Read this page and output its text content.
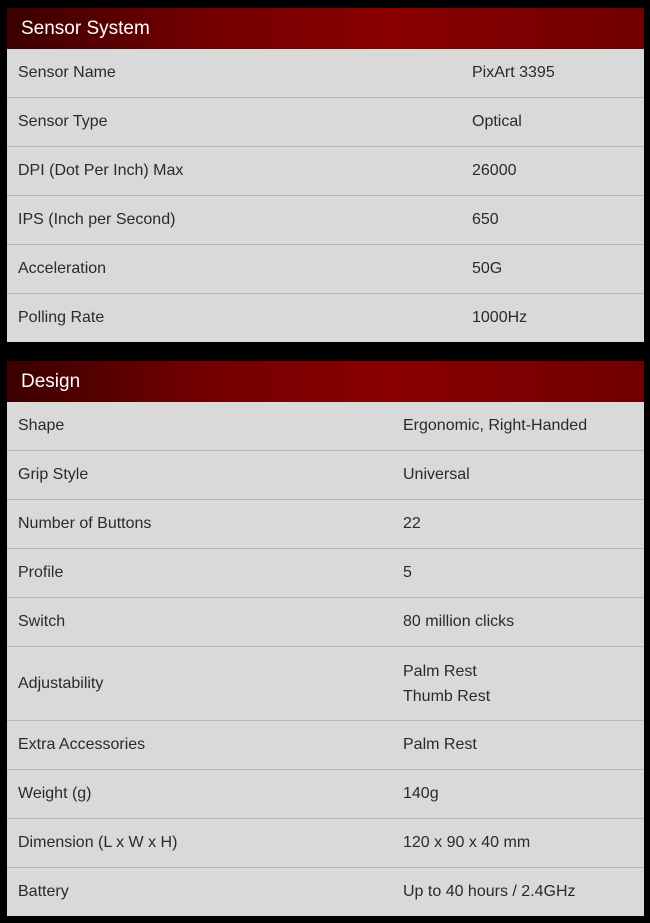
Sensor System
Sensor Name	PixArt 3395
Sensor Type	Optical
DPI (Dot Per Inch) Max	26000
IPS (Inch per Second)	650
Acceleration	50G
Polling Rate	1000Hz
Design
Shape	Ergonomic, Right-Handed
Grip Style	Universal
Number of Buttons	22
Profile	5
Switch	80 million clicks
Adjustability	Palm Rest
Thumb Rest

Extra Accessories	Palm Rest
Weight (g)	140g
Dimension (L x W x H)	120 x 90 x 40 mm
Battery	Up to 40 hours / 2.4GHz
